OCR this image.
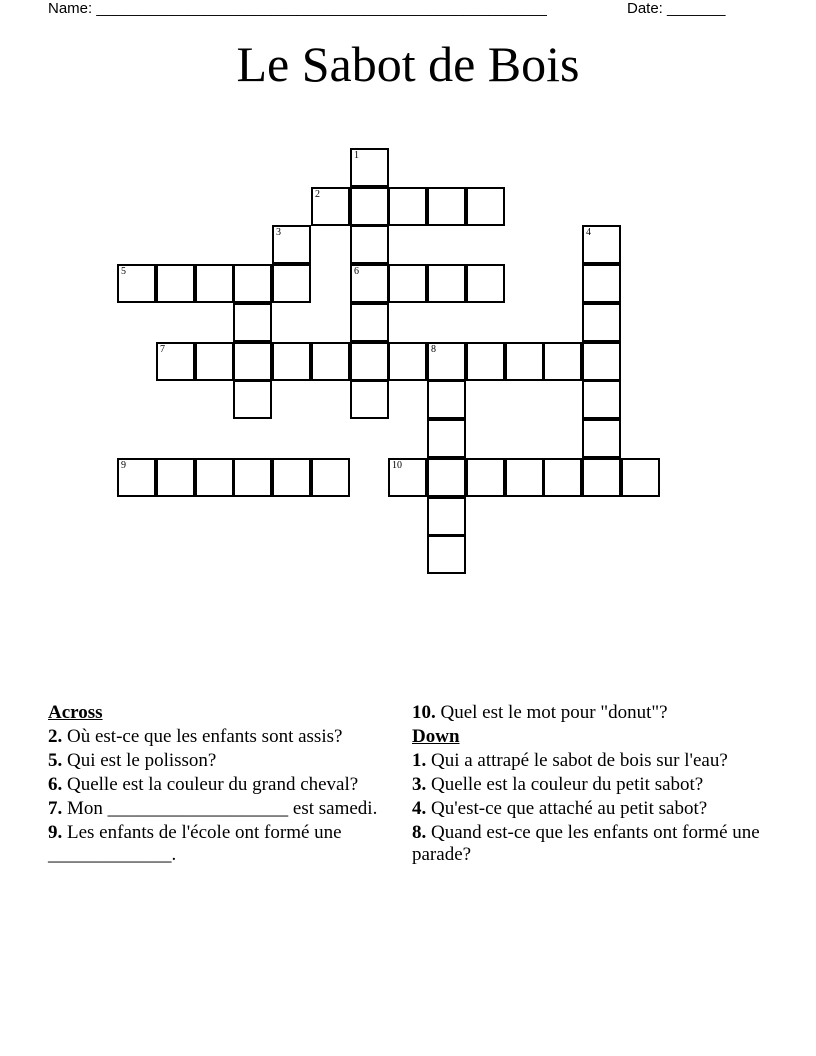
Name: ______________________________________________________	Date: _______
Le Sabot de Bois
1
2
3	4
5	6
7	8
9	10
Across
2. Où est-ce que les enfants sont assis?
5. Qui est le polisson?
6. Quelle est la couleur du grand cheval?
7. Mon ___________________ est samedi.
9. Les enfants de l'école ont formé une _____________.
10. Quel est le mot pour "donut"?
Down
1. Qui a attrapé le sabot de bois sur l'eau?
3. Quelle est la couleur du petit sabot?
4. Qu'est-ce que attaché au petit sabot?
8. Quand est-ce que les enfants ont formé une parade?
